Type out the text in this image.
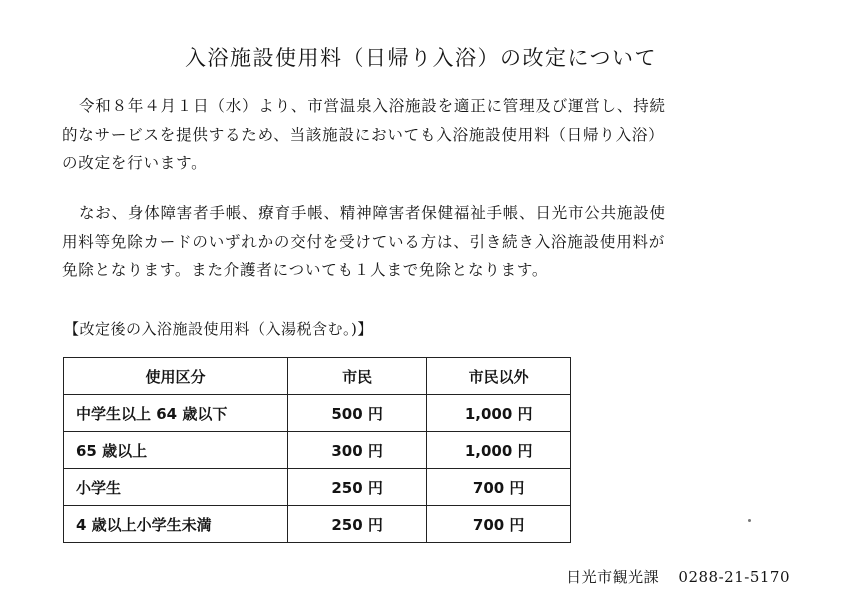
入浴施設使用料（日帰り入浴）の改定について

令和８年４月１日（水）より、市営温泉入浴施設を適正に管理及び運営し、持続
的なサービスを提供するため、当該施設においても入浴施設使用料（日帰り入浴）
の改定を行います。

なお、身体障害者手帳、療育手帳、精神障害者保健福祉手帳、日光市公共施設使
用料等免除カードのいずれかの交付を受けている方は、引き続き入浴施設使用料が
免除となります。また介護者についても１人まで免除となります。

【改定後の入浴施設使用料（入湯税含む。)】
使用区分	市民	市民以外
中学生以上 64 歳以下	500 円	1,000 円
65 歳以上	300 円	1,000 円
小学生	250 円	700 円
4 歳以上小学生未満	250 円	700 円
日光市観光課 0288-21-5170
